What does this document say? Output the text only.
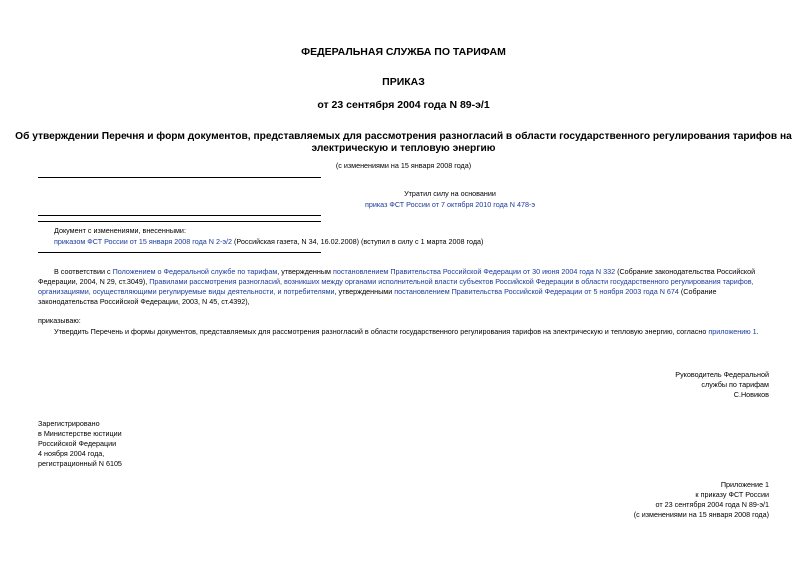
ФЕДЕРАЛЬНАЯ СЛУЖБА ПО ТАРИФАМ
ПРИКАЗ
от 23 сентября 2004 года N 89-э/1
Об утверждении Перечня и форм документов, представляемых для рассмотрения разногласий в области государственного регулирования тарифов на
электрическую и тепловую энергию
(с изменениями на 15 января 2008 года)
Утратил силу на основании
приказ ФСТ России от 7 октября 2010 года N 478-э
Документ с изменениями, внесенными:
приказом ФСТ России от 15 января 2008 года N 2-э/2 (Российская газета, N 34, 16.02.2008) (вступил в силу с 1 марта 2008 года)
В соответствии с Положением о Федеральной службе по тарифам, утвержденным постановлением Правительства Российской Федерации от 30 июня 2004 года N 332 (Собрание законодательства Российской
Федерации, 2004, N 29, ст.3049), Правилами рассмотрения разногласий, возникших между органами исполнительной власти субъектов Российской Федерации в области государственного регулирования тарифов,
организациями, осуществляющими регулируемые виды деятельности, и потребителями, утвержденными постановлением Правительства Российской Федерации от 5 ноября 2003 года N 674 (Собрание
законодательства Российской Федерации, 2003, N 45, ст.4392),
приказываю:
Утвердить Перечень и формы документов, представляемых для рассмотрения разногласий в области государственного регулирования тарифов на электрическую и тепловую энергию, согласно приложению 1.
Руководитель Федеральной
службы по тарифам
С.Новиков
Зарегистрировано
в Министерстве юстиции
Российской Федерации
4 ноября 2004 года,
регистрационный N 6105
Приложение 1
к приказу ФСТ России
от 23 сентября 2004 года N 89-э/1
(с изменениями на 15 января 2008 года)
